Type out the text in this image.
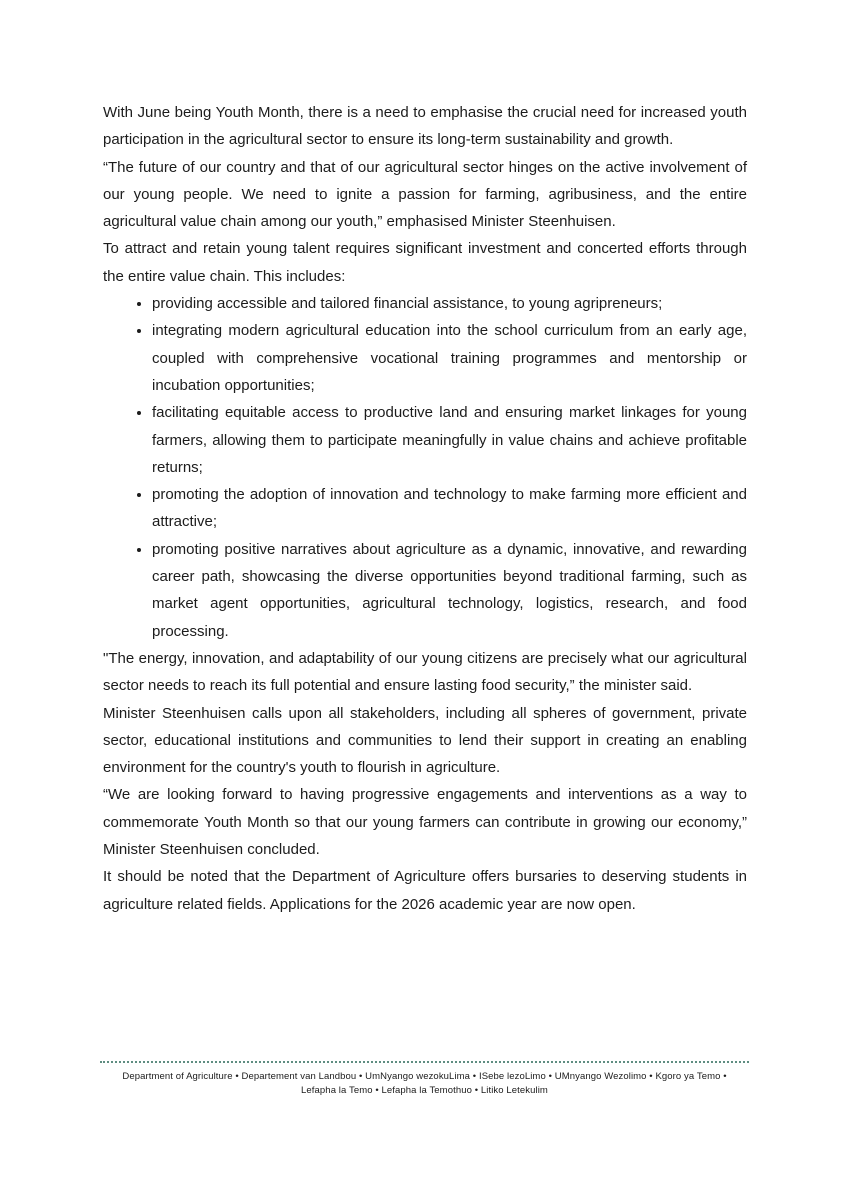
With June being Youth Month, there is a need to emphasise the crucial need for increased youth participation in the agricultural sector to ensure its long-term sustainability and growth.

“The future of our country and that of our agricultural sector hinges on the active involvement of our young people. We need to ignite a passion for farming, agribusiness, and the entire agricultural value chain among our youth,” emphasised Minister Steenhuisen.

To attract and retain young talent requires significant investment and concerted efforts through the entire value chain. This includes:

• providing accessible and tailored financial assistance, to young agripreneurs;
• integrating modern agricultural education into the school curriculum from an early age, coupled with comprehensive vocational training programmes and mentorship or incubation opportunities;
• facilitating equitable access to productive land and ensuring market linkages for young farmers, allowing them to participate meaningfully in value chains and achieve profitable returns;
• promoting the adoption of innovation and technology to make farming more efficient and attractive;
• promoting positive narratives about agriculture as a dynamic, innovative, and rewarding career path, showcasing the diverse opportunities beyond traditional farming, such as market agent opportunities, agricultural technology, logistics, research, and food processing.

"The energy, innovation, and adaptability of our young citizens are precisely what our agricultural sector needs to reach its full potential and ensure lasting food security,” the minister said.

Minister Steenhuisen calls upon all stakeholders, including all spheres of government, private sector, educational institutions and communities to lend their support in creating an enabling environment for the country's youth to flourish in agriculture.

“We are looking forward to having progressive engagements and interventions as a way to commemorate Youth Month so that our young farmers can contribute in growing our economy,” Minister Steenhuisen concluded.

It should be noted that the Department of Agriculture offers bursaries to deserving students in agriculture related fields. Applications for the 2026 academic year are now open.

Department of Agriculture • Departement van Landbou • UmNyango wezokuLima • ISebe lezoLimo • UMnyango Wezolimo • Kgoro ya Temo •
Lefapha la Temo • Lefapha la Temothuo • Litiko Letekulim
